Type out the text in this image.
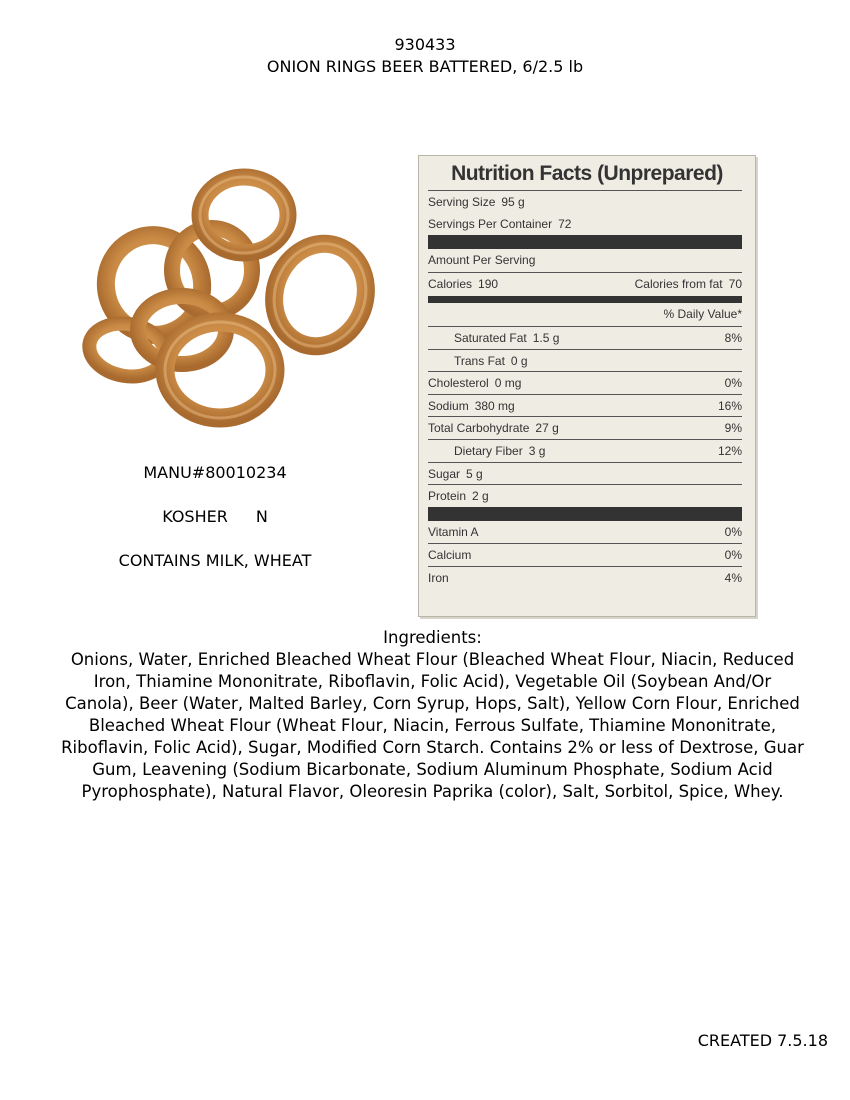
930433
ONION RINGS BEER BATTERED, 6/2.5 lb
MANU#80010234
KOSHER N
CONTAINS MILK, WHEAT
Nutrition Facts (Unprepared)
Serving Size 95 g
Servings Per Container 72
Amount Per Serving
Calories 190	Calories from fat 70
% Daily Value*
Saturated Fat 1.5 g	8%
Trans Fat 0 g
Cholesterol 0 mg	0%
Sodium 380 mg	16%
Total Carbohydrate 27 g	9%
Dietary Fiber 3 g	12%
Sugar 5 g
Protein 2 g
Vitamin A	0%
Calcium	0%
Iron	4%
Ingredients:
Onions, Water, Enriched Bleached Wheat Flour (Bleached Wheat Flour, Niacin, Reduced Iron, Thiamine Mononitrate, Riboflavin, Folic Acid), Vegetable Oil (Soybean And/Or Canola), Beer (Water, Malted Barley, Corn Syrup, Hops, Salt), Yellow Corn Flour, Enriched Bleached Wheat Flour (Wheat Flour, Niacin, Ferrous Sulfate, Thiamine Mononitrate, Riboflavin, Folic Acid), Sugar, Modified Corn Starch. Contains 2% or less of Dextrose, Guar Gum, Leavening (Sodium Bicarbonate, Sodium Aluminum Phosphate, Sodium Acid Pyrophosphate), Natural Flavor, Oleoresin Paprika (color), Salt, Sorbitol, Spice, Whey.
CREATED 7.5.18
